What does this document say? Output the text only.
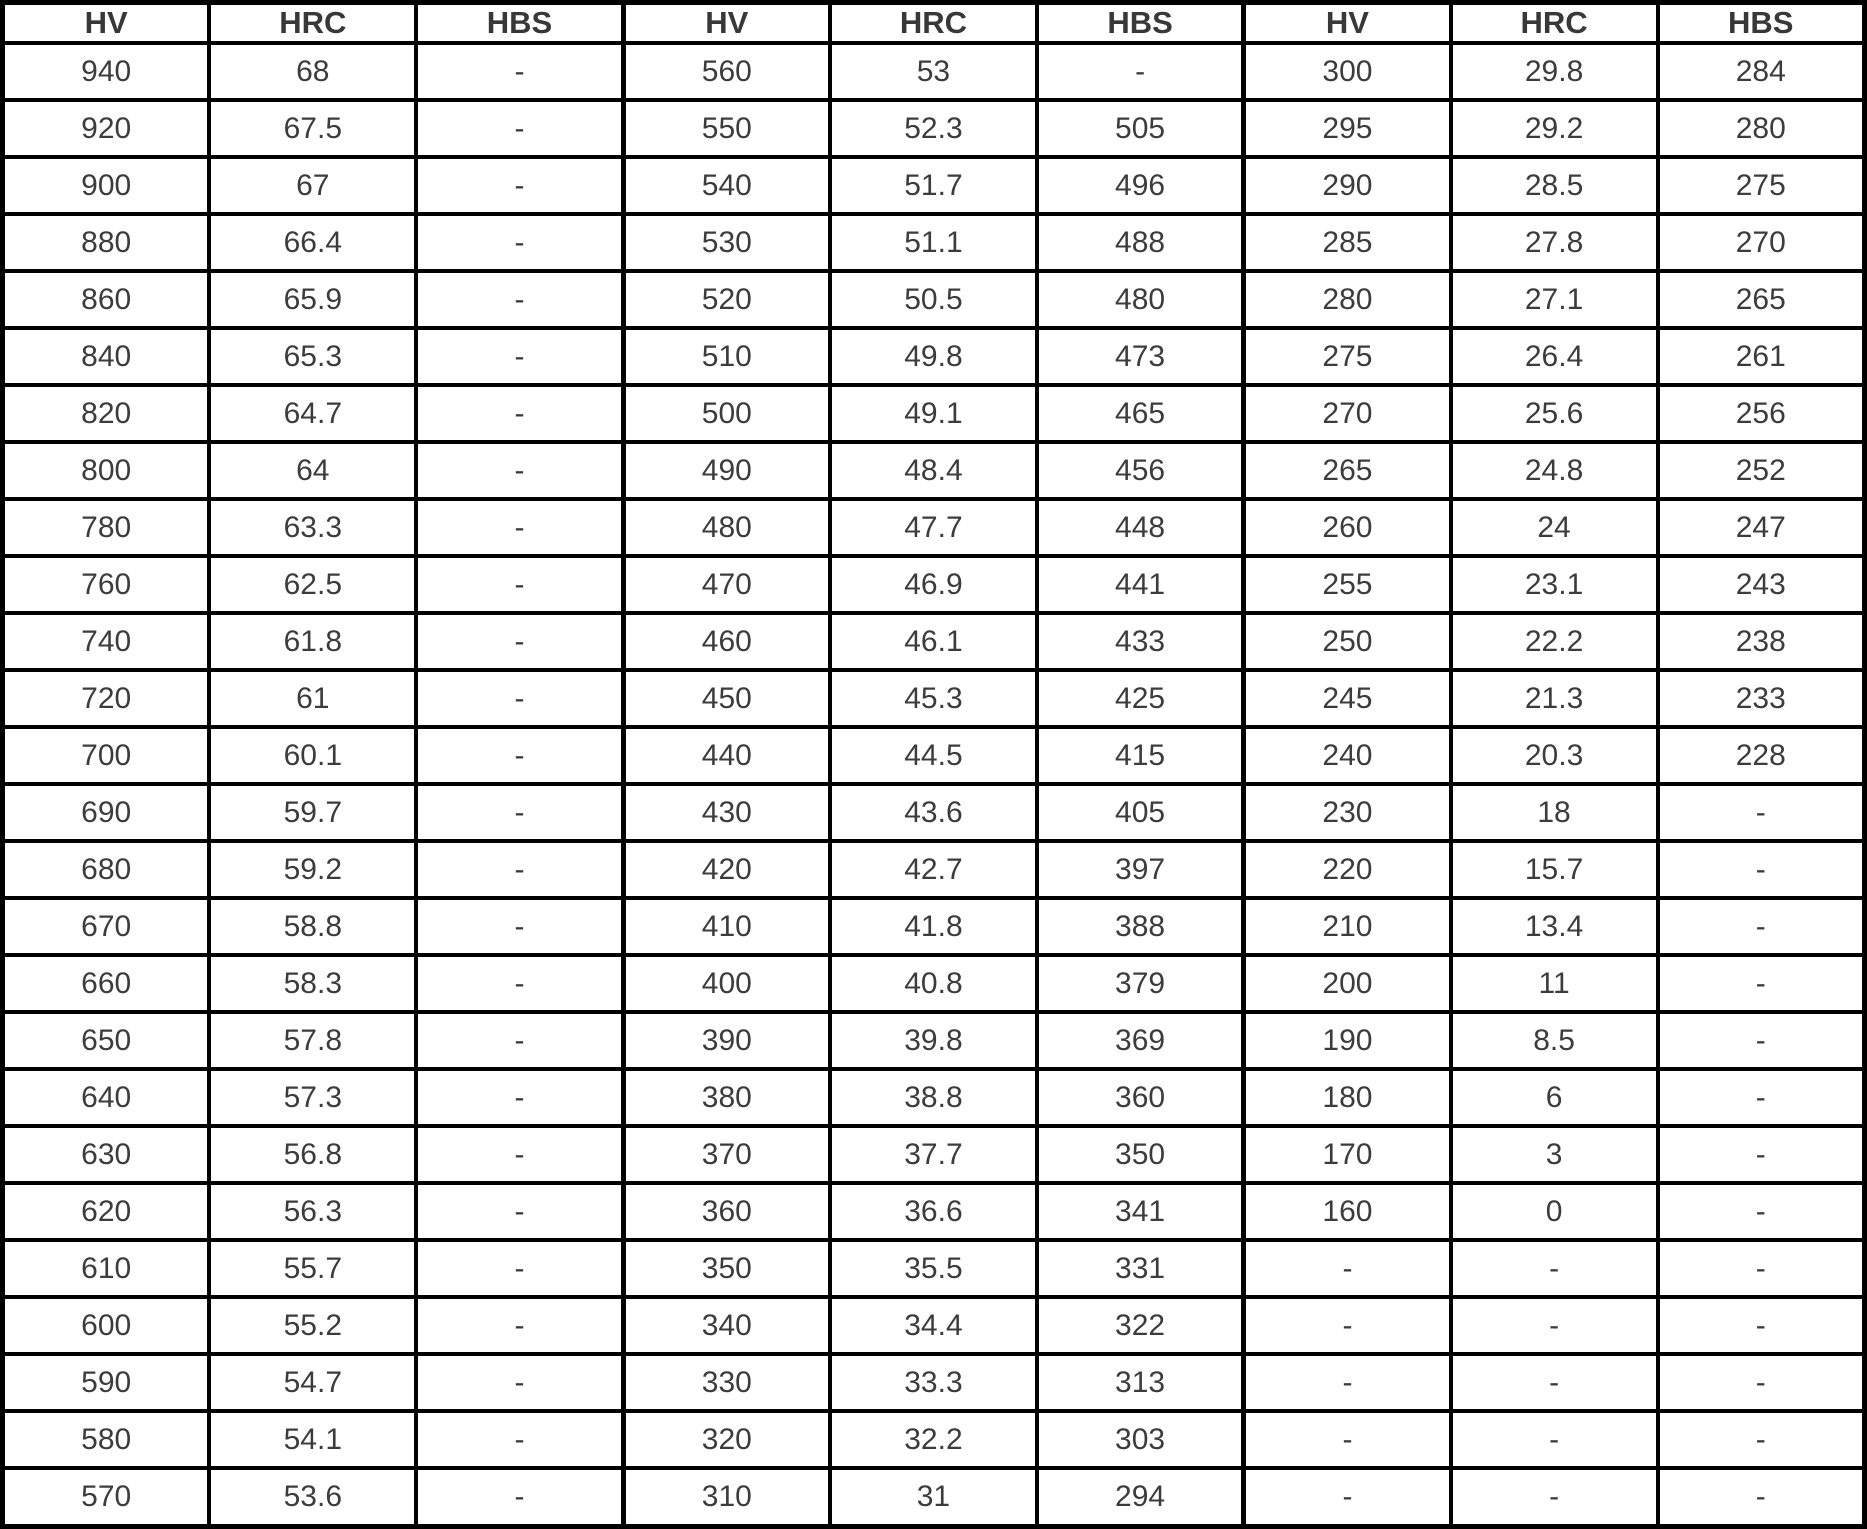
HV	HRC	HBS	HV	HRC	HBS	HV	HRC	HBS
940	68	-	560	53	-	300	29.8	284
920	67.5	-	550	52.3	505	295	29.2	280
900	67	-	540	51.7	496	290	28.5	275
880	66.4	-	530	51.1	488	285	27.8	270
860	65.9	-	520	50.5	480	280	27.1	265
840	65.3	-	510	49.8	473	275	26.4	261
820	64.7	-	500	49.1	465	270	25.6	256
800	64	-	490	48.4	456	265	24.8	252
780	63.3	-	480	47.7	448	260	24	247
760	62.5	-	470	46.9	441	255	23.1	243
740	61.8	-	460	46.1	433	250	22.2	238
720	61	-	450	45.3	425	245	21.3	233
700	60.1	-	440	44.5	415	240	20.3	228
690	59.7	-	430	43.6	405	230	18	-
680	59.2	-	420	42.7	397	220	15.7	-
670	58.8	-	410	41.8	388	210	13.4	-
660	58.3	-	400	40.8	379	200	11	-
650	57.8	-	390	39.8	369	190	8.5	-
640	57.3	-	380	38.8	360	180	6	-
630	56.8	-	370	37.7	350	170	3	-
620	56.3	-	360	36.6	341	160	0	-
610	55.7	-	350	35.5	331	-	-	-
600	55.2	-	340	34.4	322	-	-	-
590	54.7	-	330	33.3	313	-	-	-
580	54.1	-	320	32.2	303	-	-	-
570	53.6	-	310	31	294	-	-	-
